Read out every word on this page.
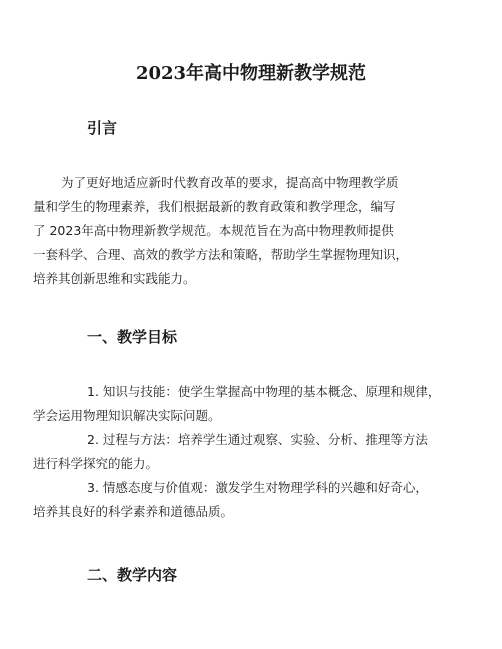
2023年高中物理新教学规范
引言
为了更好地适应新时代教育改革的要求，提高高中物理教学质
量和学生的物理素养，我们根据最新的教育政策和教学理念，编写
了 2023年高中物理新教学规范。本规范旨在为高中物理教师提供
一套科学、合理、高效的教学方法和策略，帮助学生掌握物理知识，
培养其创新思维和实践能力。
一、教学目标
1. 知识与技能：使学生掌握高中物理的基本概念、原理和规律，
学会运用物理知识解决实际问题。
2. 过程与方法：培养学生通过观察、实验、分析、推理等方法
进行科学探究的能力。
3. 情感态度与价值观：激发学生对物理学科的兴趣和好奇心，
培养其良好的科学素养和道德品质。
二、教学内容
